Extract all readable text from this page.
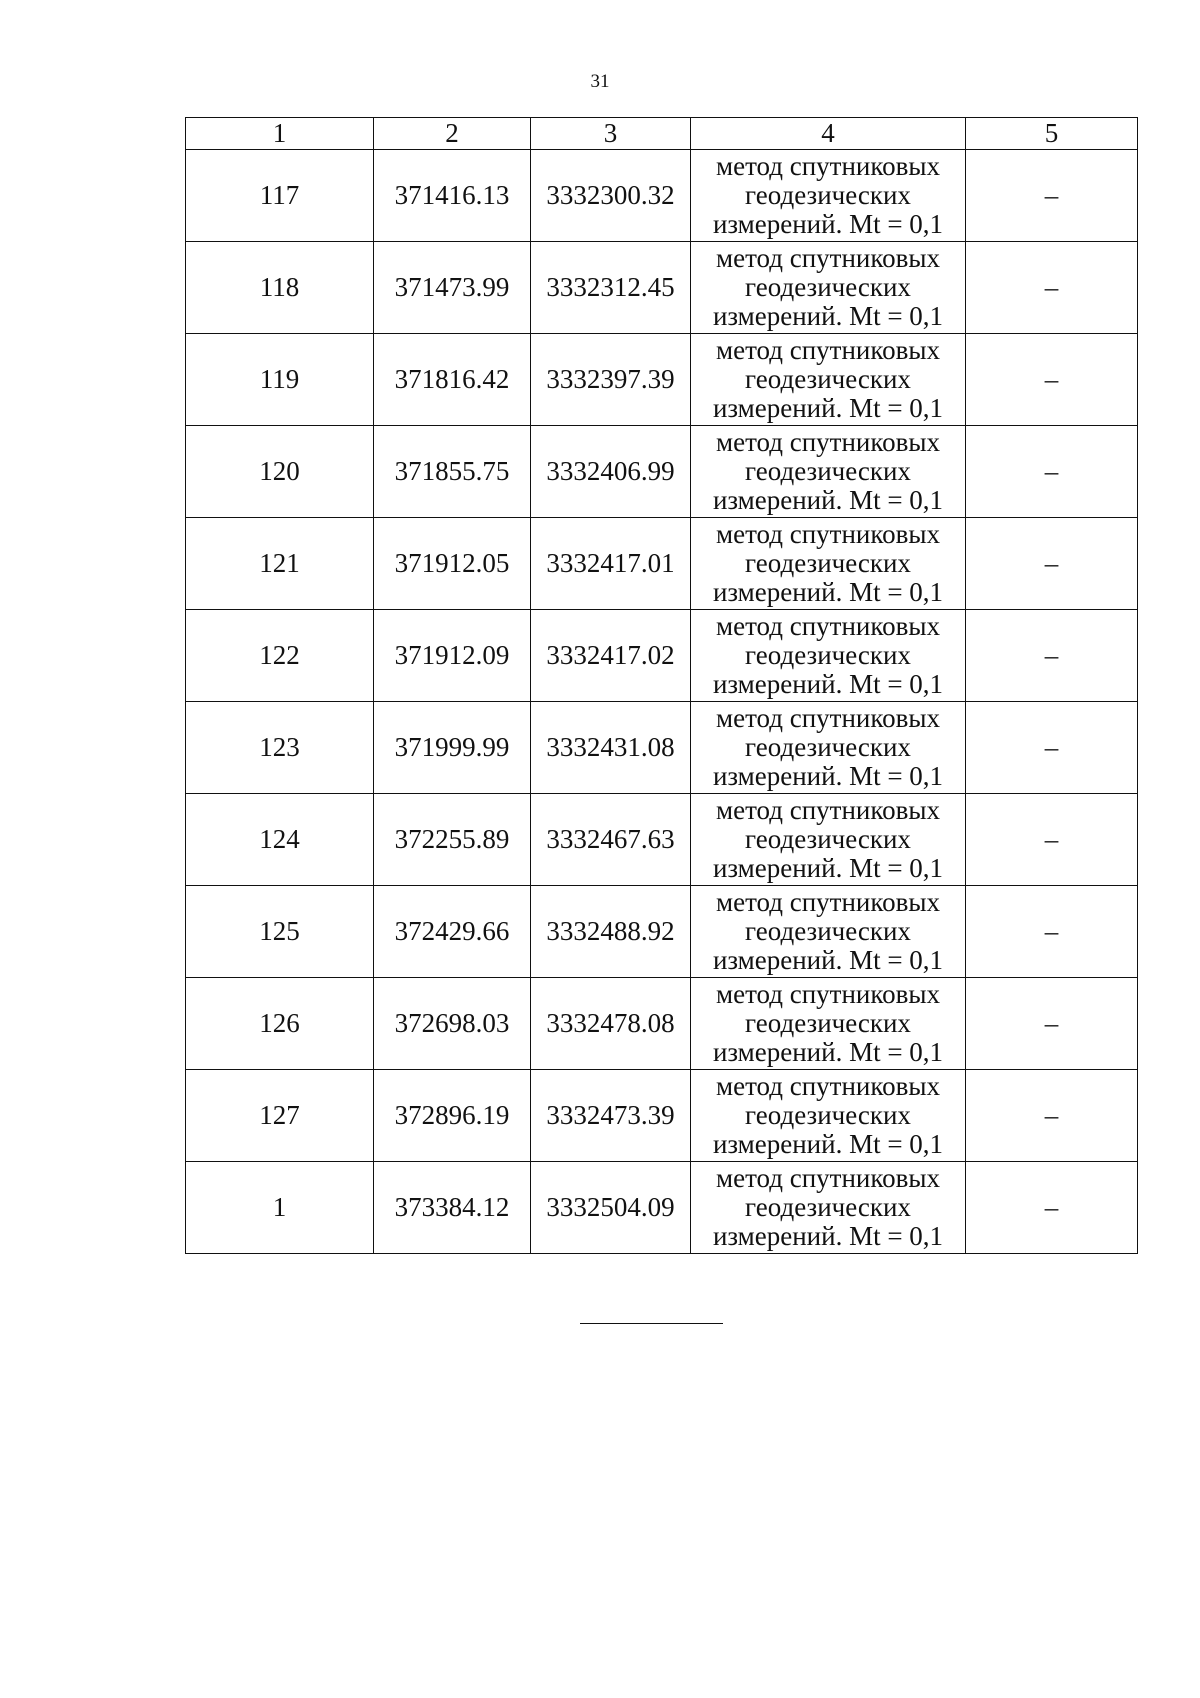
31
1	2	3	4	5
117	371416.13	3332300.32	метод спутниковых
геодезических
измерений. Mt = 0,1	–
118	371473.99	3332312.45	метод спутниковых
геодезических
измерений. Mt = 0,1	–
119	371816.42	3332397.39	метод спутниковых
геодезических
измерений. Mt = 0,1	–
120	371855.75	3332406.99	метод спутниковых
геодезических
измерений. Mt = 0,1	–
121	371912.05	3332417.01	метод спутниковых
геодезических
измерений. Mt = 0,1	–
122	371912.09	3332417.02	метод спутниковых
геодезических
измерений. Mt = 0,1	–
123	371999.99	3332431.08	метод спутниковых
геодезических
измерений. Mt = 0,1	–
124	372255.89	3332467.63	метод спутниковых
геодезических
измерений. Mt = 0,1	–
125	372429.66	3332488.92	метод спутниковых
геодезических
измерений. Mt = 0,1	–
126	372698.03	3332478.08	метод спутниковых
геодезических
измерений. Mt = 0,1	–
127	372896.19	3332473.39	метод спутниковых
геодезических
измерений. Mt = 0,1	–
1	373384.12	3332504.09	метод спутниковых
геодезических
измерений. Mt = 0,1	–
